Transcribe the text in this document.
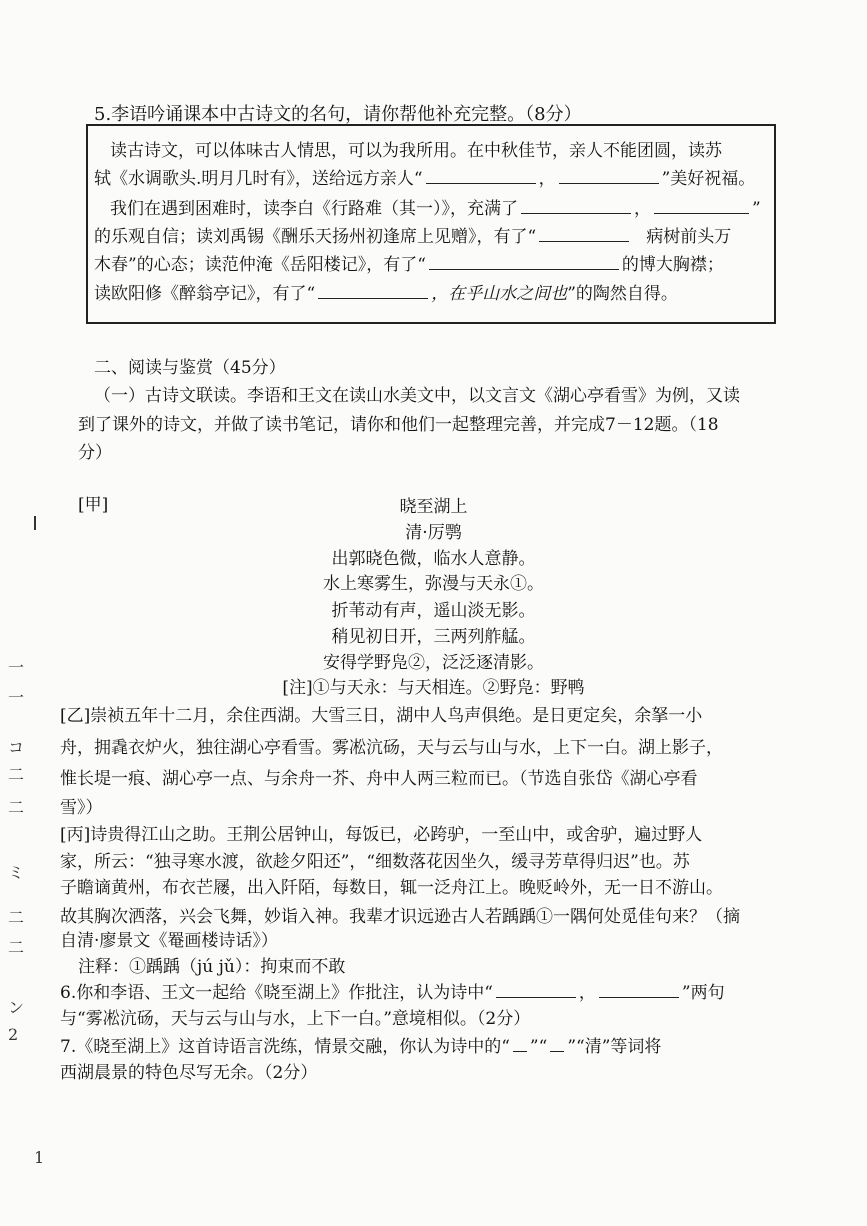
5.李语吟诵课本中古诗文的名句，请你帮他补充完整。（8分）
读古诗文，可以体味古人情思，可以为我所用。在中秋佳节，亲人不能团圆，读苏
轼《水调歌头.明月几时有》，送给远方亲人“	，	”美好祝福。
我们在遇到困难时，读李白《行路难（其一）》，充满了	，	”
的乐观自信；读刘禹锡《酬乐天扬州初逢席上见赠》，有了“	病树前头万
木春”的心态；读范仲淹《岳阳楼记》，有了“	的博大胸襟；
读欧阳修《醉翁亭记》，有了“	，在乎山水之间也”的陶然自得。
二、阅读与鉴赏（45分）
（一）古诗文联读。李语和王文在读山水美文中，以文言文《湖心亭看雪》为例，又读
到了课外的诗文，并做了读书笔记，请你和他们一起整理完善，并完成7－12题。（18
分）
[甲]	晓至湖上
清·厉鹗
出郭晓色微，临水人意静。
水上寒雾生，弥漫与天永①。
折苇动有声，遥山淡无影。
稍见初日开，三两列舴艋。
安得学野凫②，泛泛逐清影。
[注]①与天永：与天相连。②野凫：野鸭
[乙]崇祯五年十二月，余住西湖。大雪三日，湖中人鸟声俱绝。是日更定矣，余拏一小
舟，拥毳衣炉火，独往湖心亭看雪。雾凇沆砀，天与云与山与水，上下一白。湖上影子，
惟长堤一痕、湖心亭一点、与余舟一芥、舟中人两三粒而已。（节选自张岱《湖心亭看
雪》）
[丙]诗贵得江山之助。王荆公居钟山，每饭已，必跨驴，一至山中，或舍驴，遍过野人
家，所云：“独寻寒水渡，欲趁夕阳还”，“细数落花因坐久，缓寻芳草得归迟”也。苏
子瞻谪黄州，布衣芒屦，出入阡陌，每数日，辄一泛舟江上。晚贬岭外，无一日不游山。
故其胸次洒落，兴会飞舞，妙诣入神。我辈才识远逊古人若踽踽①一隅何处觅佳句来？（摘
自清·廖景文《罨画楼诗话》）
注释：①踽踽（jú jǔ）：拘束而不敢
6.你和李语、王文一起给《晓至湖上》作批注，认为诗中“	，	”两句
与“雾凇沆砀，天与云与山与水，上下一白。”意境相似。（2分）
7.《晓至湖上》这首诗语言洗练，情景交融，你认为诗中的“ ”“ ”“清”等词将
西湖晨景的特色尽写无余。（2分）
一
一
コ
二
二
ミ
二
二
ン
2
1
